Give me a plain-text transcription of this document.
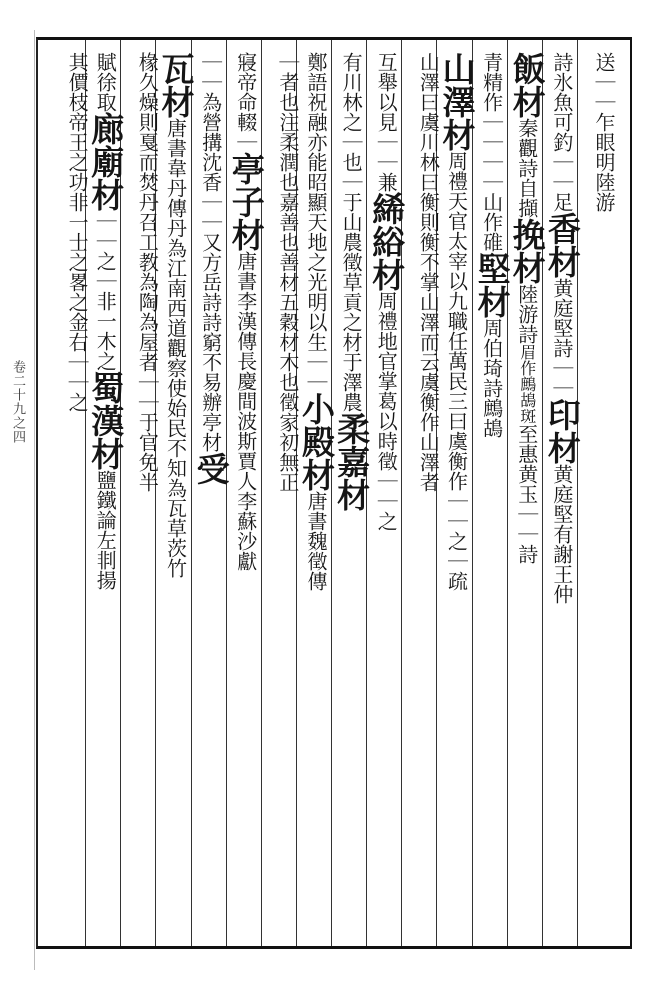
卷二十九之四
送｜｜乍眼明陸游
詩氷魚可釣｜｜足香材黄庭堅詩｜｜印材黄庭堅有謝王仲
飯材秦觀詩自擷挽材陸游詩眉作鷓鴣斑至惠黄玉｜｜詩
青精作｜｜｜｜山作碓堅材周伯琦詩鷓鴣
山澤材周禮天官太宰以九職任萬民三曰虞衡作｜｜之｜疏
山澤曰虞川林曰衡則衡不掌山澤而云虞衡作山澤者
互舉以見｜｜兼絺綌材周禮地官掌葛以時徵｜｜之
有川林之｜也｜于山農徵草貢之材于澤農柔嘉材
鄭語祝融亦能昭顯天地之光明以生｜｜小殿材唐書魏徵傳
｜者也注柔潤也嘉善也善材五穀材木也徵家初無正
寢帝命輟｜亭子材唐書李漢傳長慶間波斯賈人李蘇沙獻
｜｜為營搆沈香｜｜又方岳詩詩窮不易辦亭材受
瓦材唐書韋丹傳丹為江南西道觀察使始民不知為瓦草茨竹
椽久燥則戛而焚丹召工教為陶為屋者｜｜于官免半
賦徐取廊廟材｜｜之｜非一木之蜀漢材鹽鐵論左剕揚
其價枝帝王之功非一士之畧之金右｜｜之
